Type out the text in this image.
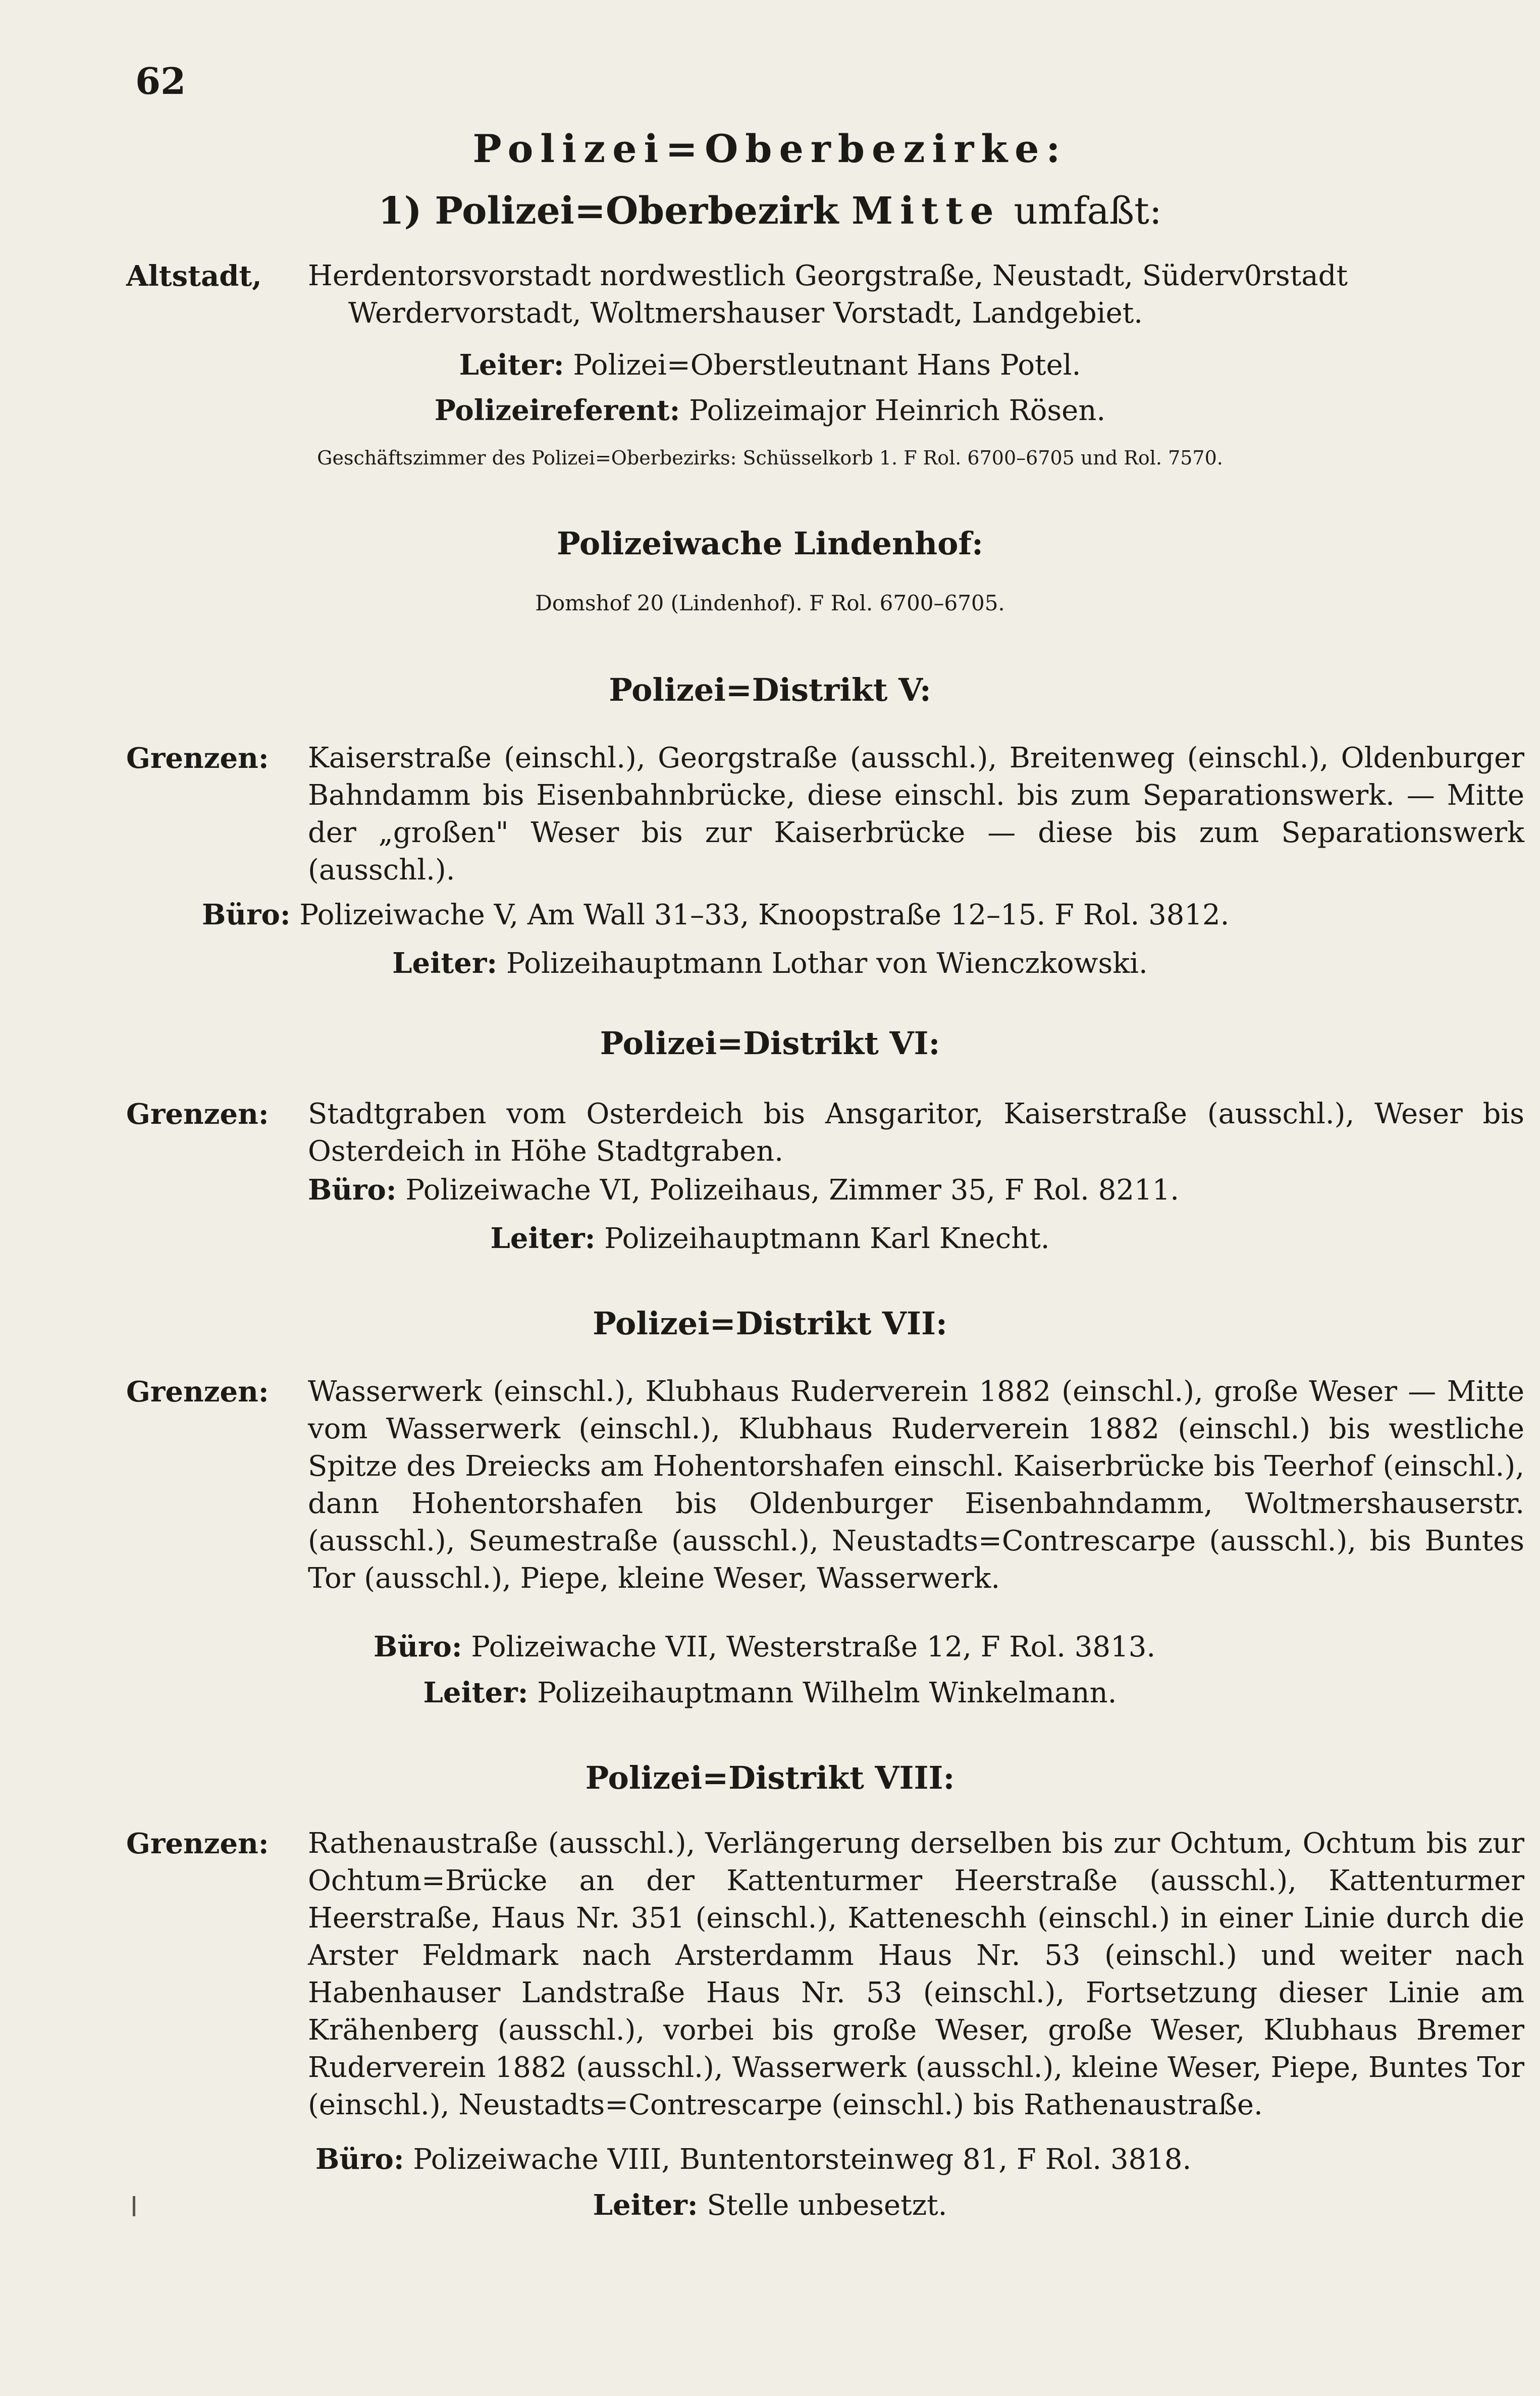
62
Polizei=Oberbezirke:
1) Polizei=Oberbezirk Mitte umfaßt:
Altstadt, Herdentorsvorstadt nordwestlich Georgstraße, Neustadt, Süderv0rstadt
Werdervorstadt, Woltmershauser Vorstadt, Landgebiet.
Leiter: Polizei=Oberstleutnant Hans Potel.
Polizeireferent: Polizeimajor Heinrich Rösen.
Geschäftszimmer des Polizei=Oberbezirks: Schüsselkorb 1. F Rol. 6700–6705 und Rol. 7570.
Polizeiwache Lindenhof:
Domshof 20 (Lindenhof). F Rol. 6700–6705.
Polizei=Distrikt V:
Grenzen: Kaiserstraße (einschl.), Georgstraße (ausschl.), Breitenweg (einschl.), Oldenburger Bahndamm bis Eisenbahnbrücke, diese einschl. bis zum Separationswerk. — Mitte der „großen" Weser bis zur Kaiserbrücke — diese bis zum Separationswerk (ausschl.).
Büro: Polizeiwache V, Am Wall 31–33, Knoopstraße 12–15. F Rol. 3812.
Leiter: Polizeihauptmann Lothar von Wienczkowski.
Polizei=Distrikt VI:
Grenzen: Stadtgraben vom Osterdeich bis Ansgaritor, Kaiserstraße (ausschl.), Weser bis Osterdeich in Höhe Stadtgraben.
Büro: Polizeiwache VI, Polizeihaus, Zimmer 35, F Rol. 8211.
Leiter: Polizeihauptmann Karl Knecht.
Polizei=Distrikt VII:
Grenzen: Wasserwerk (einschl.), Klubhaus Ruderverein 1882 (einschl.), große Weser — Mitte vom Wasserwerk (einschl.), Klubhaus Ruderverein 1882 (einschl.) bis westliche Spitze des Dreiecks am Hohentorshafen einschl. Kaiserbrücke bis Teerhof (einschl.), dann Hohentorshafen bis Oldenburger Eisenbahndamm, Woltmershauserstr. (ausschl.), Seumestraße (ausschl.), Neustadts=Contrescarpe (ausschl.), bis Buntes Tor (ausschl.), Piepe, kleine Weser, Wasserwerk.
Büro: Polizeiwache VII, Westerstraße 12, F Rol. 3813.
Leiter: Polizeihauptmann Wilhelm Winkelmann.
Polizei=Distrikt VIII:
Grenzen: Rathenaustraße (ausschl.), Verlängerung derselben bis zur Ochtum, Ochtum bis zur Ochtum=Brücke an der Kattenturmer Heerstraße (ausschl.), Kattenturmer Heerstraße, Haus Nr. 351 (einschl.), Katteneschh (einschl.) in einer Linie durch die Arster Feldmark nach Arsterdamm Haus Nr. 53 (einschl.) und weiter nach Habenhauser Landstraße Haus Nr. 53 (einschl.), Fortsetzung dieser Linie am Krähenberg (ausschl.), vorbei bis große Weser, große Weser, Klubhaus Bremer Ruderverein 1882 (ausschl.), Wasserwerk (ausschl.), kleine Weser, Piepe, Buntes Tor (einschl.), Neustadts=Contrescarpe (einschl.) bis Rathenaustraße.
Büro: Polizeiwache VIII, Buntentorsteinweg 81, F Rol. 3818.
Leiter: Stelle unbesetzt.
